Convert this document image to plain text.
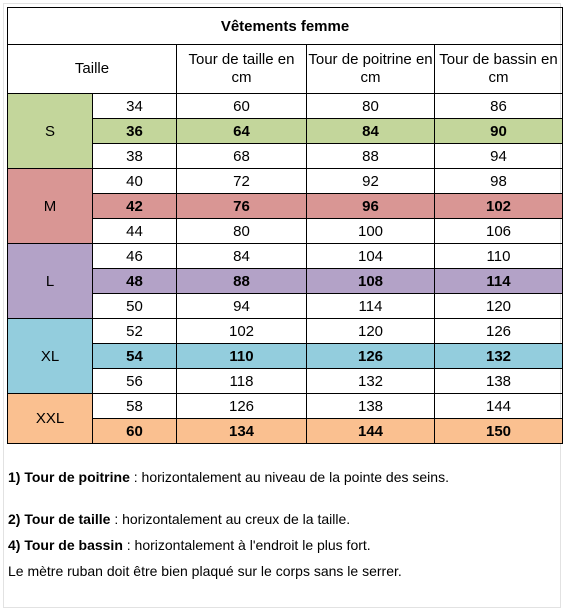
Vêtements femme				
Taille		Tour de taille en cm	Tour de poitrine en cm	Tour de bassin en cm
S	34	60	80	86
	36	64	84	90
	38	68	88	94
M	40	72	92	98
	42	76	96	102
	44	80	100	106
L	46	84	104	110
	48	88	108	114
	50	94	114	120
XL	52	102	120	126
	54	110	126	132
	56	118	132	138
XXL	58	126	138	144
	60	134	144	150
1) Tour de poitrine : horizontalement au niveau de la pointe des seins.
2) Tour de taille : horizontalement au creux de la taille.
4) Tour de bassin : horizontalement à l'endroit le plus fort.
Le mètre ruban doit être bien plaqué sur le corps sans le serrer.
